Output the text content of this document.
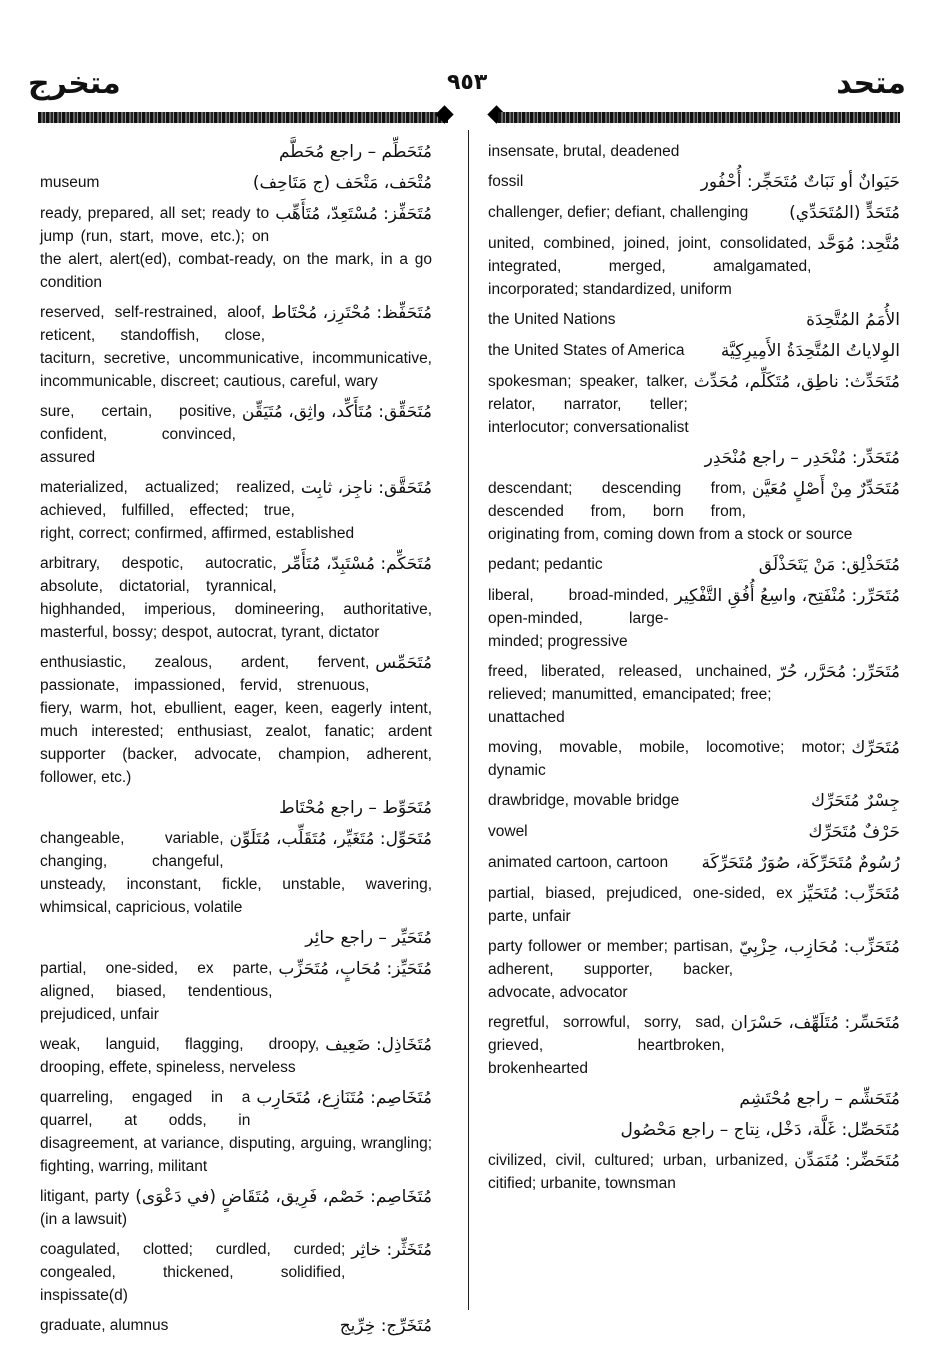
متخرج	٩٥٣	متحد
مُتَحَطِّم – راجع مُحَطَّم
مُتْحَف، مَتْحَف (ج مَتَاحِف)
museum
مُتَحَفِّز: مُسْتَعِدّ، مُتَأَهِّب
ready, prepared, all set; ready to jump (run, start, move, etc.); on the alert, alert(ed), combat-ready, on the mark, in a go condition
مُتَحَفِّظ: مُحْتَرِز، مُحْتَاط
reserved, self-restrained, aloof, reticent, standoffish, close, taciturn, secretive, uncommunicative, incommunicative, incommunicable, discreet; cautious, careful, wary
مُتَحَقِّق: مُتَأَكِّد، واثِق، مُتَيَقِّن
sure, certain, positive, confident, convinced, assured
مُتَحَقَّق: ناجِز، ثابِت
materialized, actualized; realized, achieved, fulfilled, effected; true, right, correct; confirmed, affirmed, established
مُتَحَكِّم: مُسْتَبِدّ، مُتَأَمِّر
arbitrary, despotic, autocratic, absolute, dictatorial, tyrannical, highhanded, imperious, domineering, authoritative, masterful, bossy; despot, autocrat, tyrant, dictator
مُتَحَمِّس
enthusiastic, zealous, ardent, fervent, passionate, impassioned, fervid, strenuous, fiery, warm, hot, ebullient, eager, keen, eagerly intent, much interested; enthusiast, zealot, fanatic; ardent supporter (backer, advocate, champion, adherent, follower, etc.)
مُتَحَوِّط – راجع مُحْتَاط
مُتَحَوِّل: مُتَغَيِّر، مُتَقَلِّب، مُتَلَوِّن
changeable, variable, changing, changeful, unsteady, inconstant, fickle, unstable, wavering, whimsical, capricious, volatile
مُتَحَيِّر – راجع حائِر
مُتَحَيِّز: مُحَابٍ، مُتَحَزِّب
partial, one-sided, ex parte, aligned, biased, tendentious, prejudiced, unfair
مُتَخَاذِل: ضَعِيف
weak, languid, flagging, droopy, drooping, effete, spineless, nerveless
مُتَخَاصِم: مُتَنَازِع، مُتَحَارِب
quarreling, engaged in a quarrel, at odds, in disagreement, at variance, disputing, arguing, wrangling; fighting, warring, militant
مُتَخَاصِم: خَصْم، فَرِيق، مُتَقَاضٍ (في دَعْوَى)
litigant, party (in a lawsuit)
مُتَخَثِّر: خاثِر
coagulated, clotted; curdled, curded; congealed, thickened, solidified, inspissate(d)
مُتَخَرِّج: خِرِّيج
graduate, alumnus
insensate, brutal, deadened
حَيَوانٌ أو نَبَاتٌ مُتَحَجِّر: أُحْفُور
fossil
مُتَحَدٍّ (المُتَحَدِّي)
challenger, defier; defiant, challenging
مُتَّحِد: مُوَحَّد
united, combined, joined, joint, consolidated, integrated, merged, amalgamated, incorporated; standardized, uniform
الأُمَمُ المُتَّحِدَة
the United Nations
الوِلاياتُ المُتَّحِدَةُ الأَمِيرِكِيَّة
the United States of America
مُتَحَدِّث: ناطِق، مُتَكَلِّم، مُحَدِّث
spokesman; speaker, talker, relator, narrator, teller; interlocutor; conversationalist
مُتَحَدِّر: مُنْحَدِر – راجع مُنْحَدِر
مُتَحَدِّرٌ مِنْ أَصْلٍ مُعَيَّن
descendant; descending from, descended from, born from, originating from, coming down from a stock or source
مُتَحَذْلِق: مَنْ يَتَحَذْلَق
pedant; pedantic
مُتَحَرِّر: مُنْفَتِح، واسِعُ أُفُقِ التَّفْكِير
liberal, broad-minded, open-minded, large-minded; progressive
مُتَحَرِّر: مُحَرَّر، حُرّ
freed, liberated, released, unchained, relieved; manumitted, emancipated; free; unattached
مُتَحَرِّك
moving, movable, mobile, locomotive; motor; dynamic
جِسْرٌ مُتَحَرِّك
drawbridge, movable bridge
حَرْفٌ مُتَحَرِّك
vowel
رُسُومٌ مُتَحَرِّكَة، صُوَرٌ مُتَحَرِّكَة
animated cartoon, cartoon
مُتَحَزِّب: مُتَحَيِّز
partial, biased, prejudiced, one-sided, ex parte, unfair
مُتَحَزِّب: مُحَازِب، حِزْبِيّ
party follower or member; partisan, adherent, supporter, backer, advocate, advocator
مُتَحَسِّر: مُتَلَهِّف، حَسْرَان
regretful, sorrowful, sorry, sad, grieved, heartbroken, brokenhearted
مُتَحَشِّم – راجع مُحْتَشِم
مُتَحَصِّل: غَلَّة، دَخْل، نِتاج – راجع مَحْصُول
مُتَحَضِّر: مُتَمَدِّن
civilized, civil, cultured; urban, urbanized, citified; urbanite, townsman
